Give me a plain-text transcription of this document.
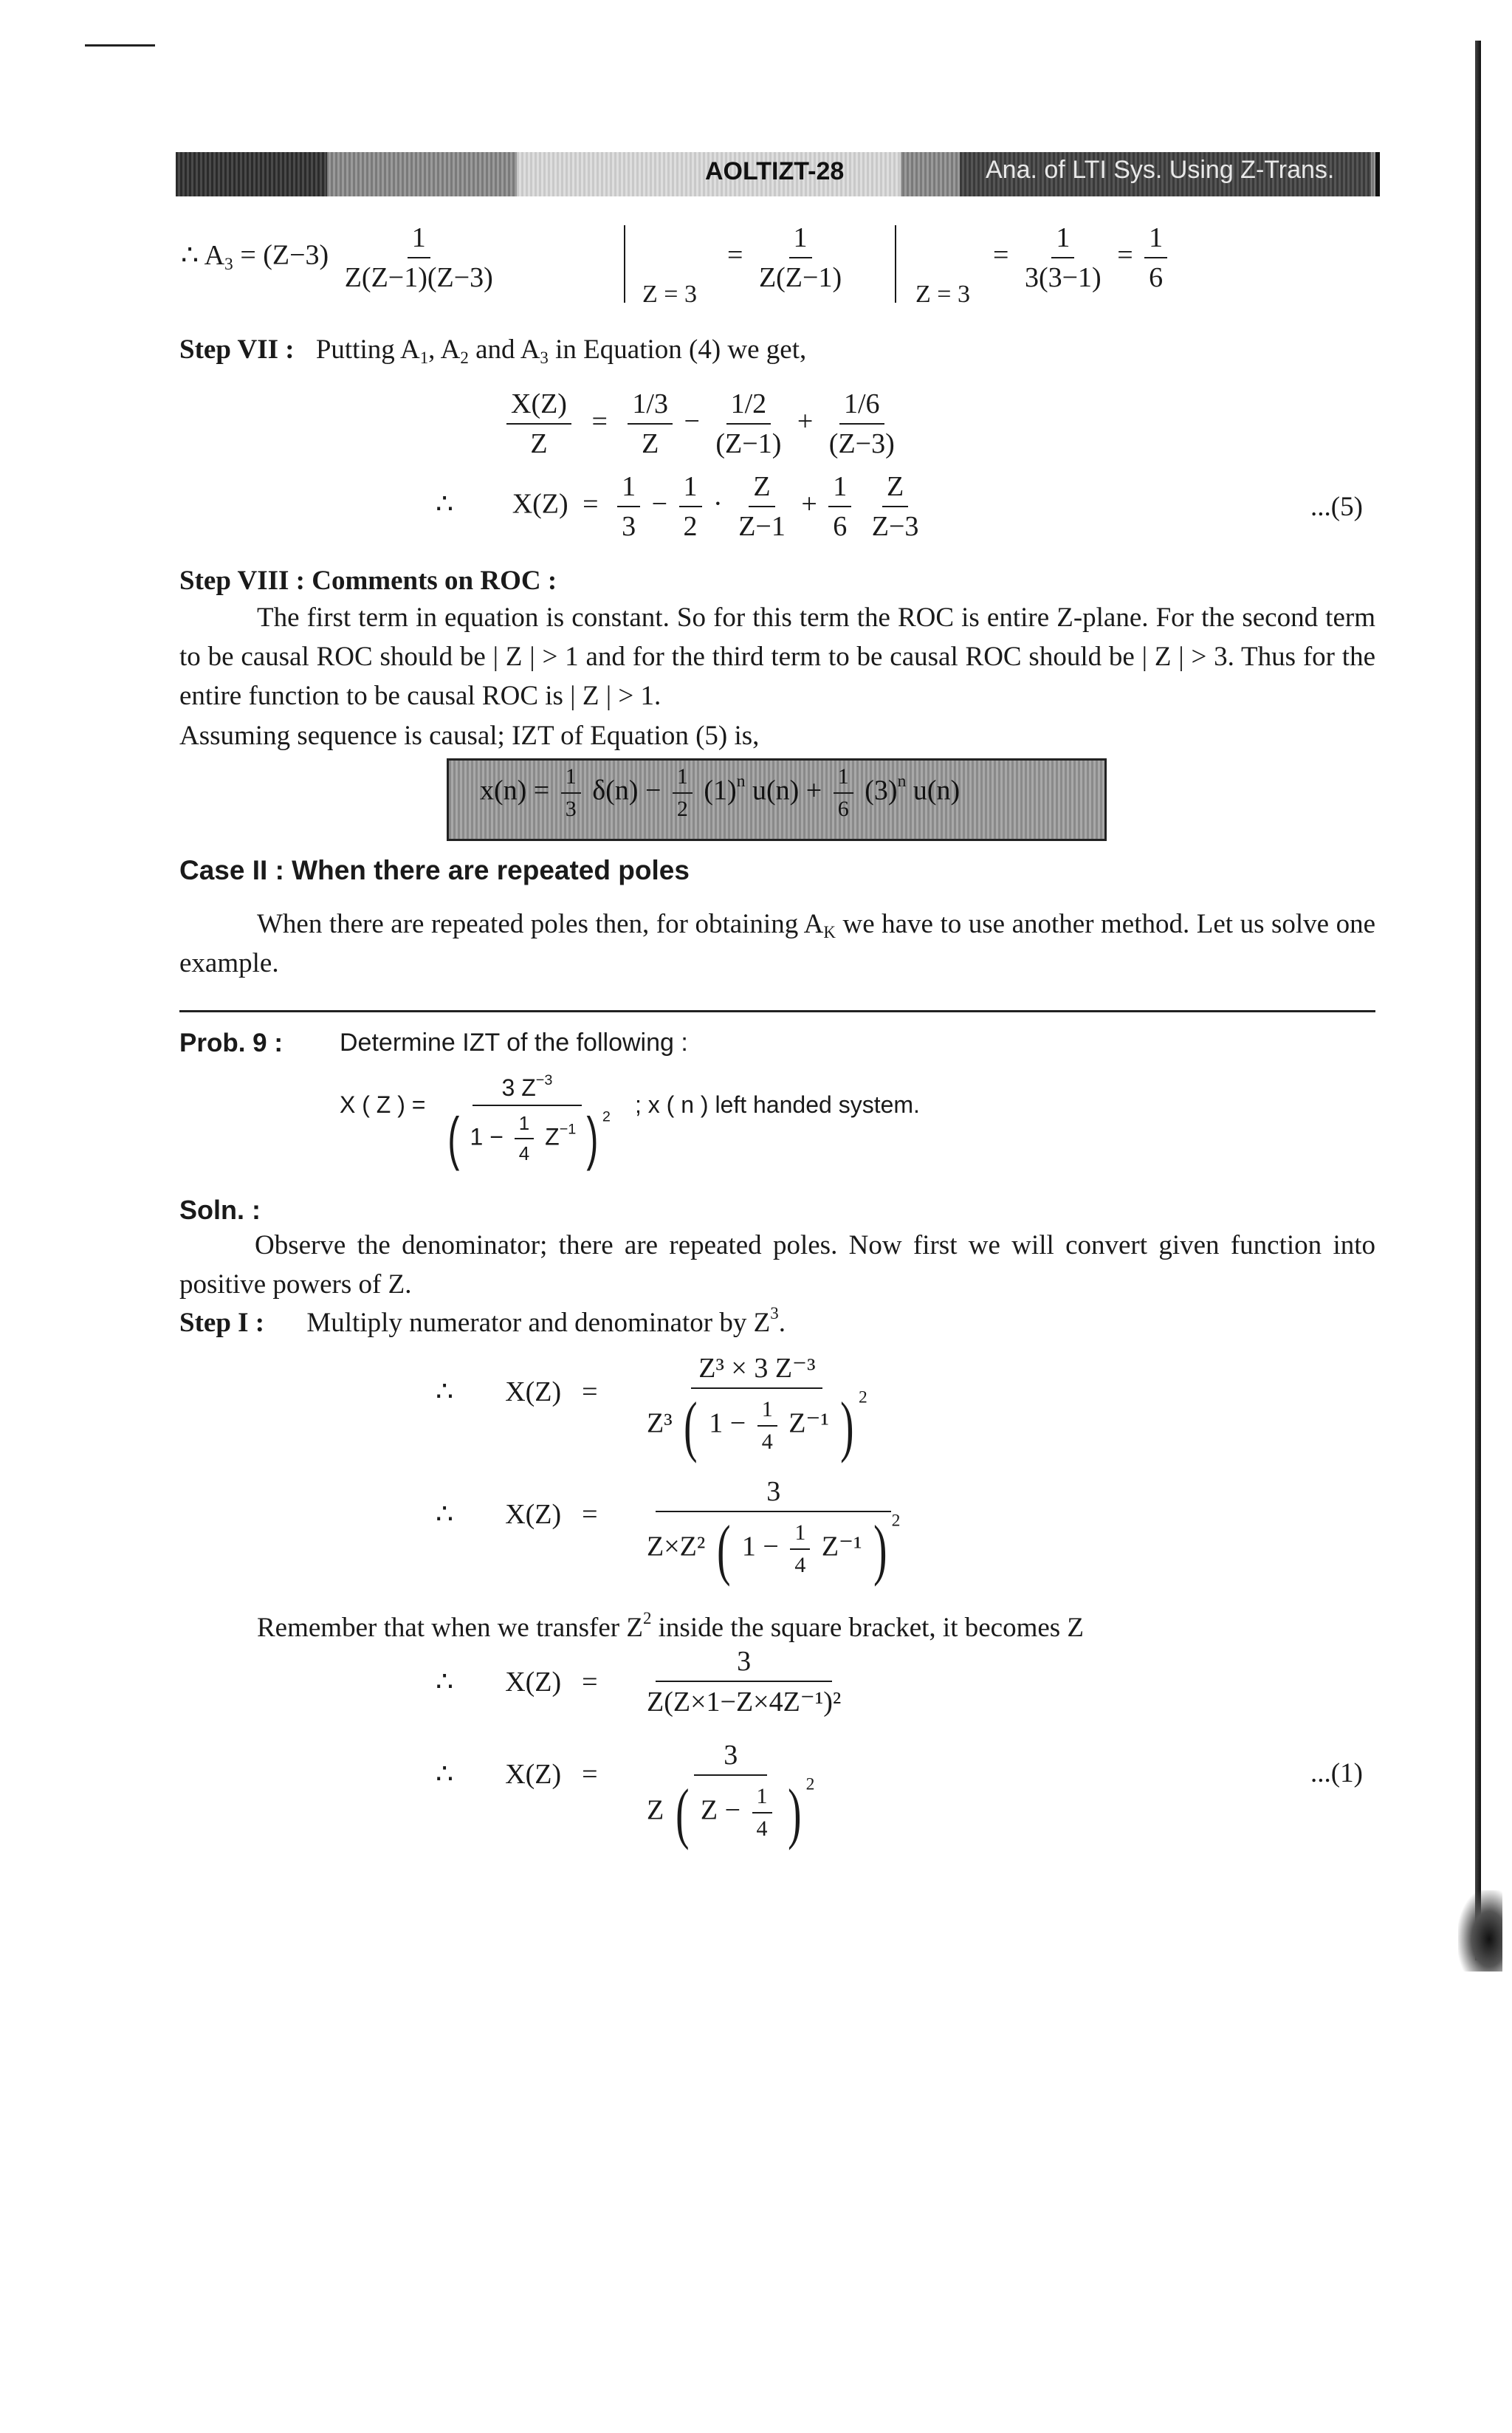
AOLTIZT-28	Ana. of LTI Sys. Using Z-Trans.
∴ $A_3 = (Z-3) \frac{1}{Z(Z-1)(Z-3)}$
Z = 3
= $\frac{1}{Z(Z-1)}$
Z = 3
= $\frac{1}{3(3-1)} = \frac{1}{6}$
Step VII : Putting $A_1$, $A_2$ and $A_3$ in Equation (4) we get,
$\frac{X(Z)}{Z} = \frac{1/3}{Z} - \frac{1/2}{(Z-1)} + \frac{1/6}{(Z-3)}$
∴ $X(Z) = \frac{1}{3} - \frac{1}{2} \cdot \frac{Z}{Z-1} + \frac{1}{6}$
$\frac{Z}{Z-3}$	...(5)
Step VIII : Comments on ROC :
The first term in equation is constant. So for this term the ROC is entire Z-plane. For the second term to be causal ROC should be | Z | > 1 and for the third term to be causal ROC should be | Z | > 3. Thus for the entire function to be causal ROC is | Z | > 1.
Assuming sequence is causal; IZT of Equation (5) is,
$x(n) = \frac{1}{3} \delta(n) - \frac{1}{2} (1)^n$ $u(n) + \frac{1}{6} (3)^n$ u(n)
Case II : When there are repeated poles
When there are repeated poles then, for obtaining $A_K$ we have to use another method. Let us solve one example.
Prob. 9 : Determine IZT of the following :
X ( Z ) = $\frac{3 Z^{-3}}{( 1 - \frac{1}{4} Z^{-1} ) ^2}$ ; x ( n ) left handed system.
Soln. :
Observe the denominator; there are repeated poles. Now first we will convert given function into positive powers of Z.
Step I : Multiply numerator and denominator by $Z^3$.
∴ $X(Z) = \frac{\text{Z³ × 3 Z⁻³}}{Z^3 ( 1 - \frac{1}{4} Z^{-1} ) ^2}$
∴ $X(Z) = \frac{3}{Z\times Z^2 ( 1 - \frac{1}{4} Z^{-1} ) ^2}$
Remember that when we transfer $Z^2$ inside the square bracket, it becomes Z
∴ $X(Z) = \frac{3}{\text{Z(Z×1−Z×4Z⁻¹)²}}$
∴ $X(Z) = \frac{3}{Z ( Z - \frac{1}{4} ) ^2}$	...(1)
